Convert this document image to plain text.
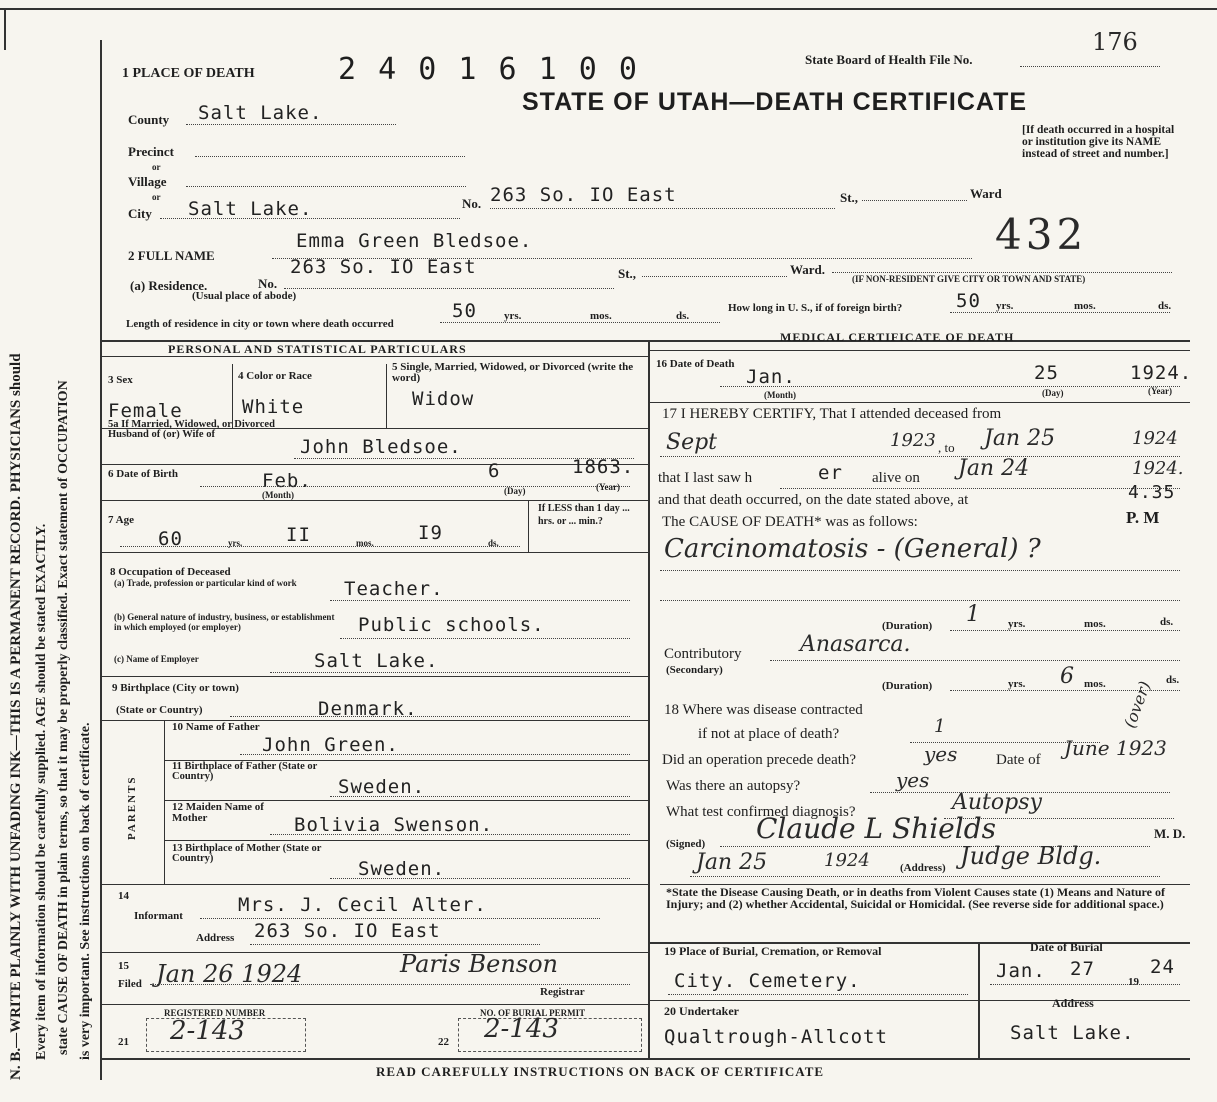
N. B.—WRITE PLAINLY WITH UNFADING INK—THIS IS A PERMANENT RECORD. PHYSICIANS should Every item of information should be carefully supplied. AGE should be stated EXACTLY. state CAUSE OF DEATH in plain terms, so that it may be properly classified. Exact statement of OCCUPATION is very important. See instructions on back of certificate.
1 PLACE OF DEATH	2 4 0 1 6 1 0 0	State Board of Health File No.
176
STATE OF UTAH—DEATH CERTIFICATE
[If death occurred in a hospital or institution give its NAME instead of street and number.]
432
County Salt Lake.
Precinct
or
Village
or
City Salt Lake.	No. 263 So. IO East	St.,	Ward
2 FULL NAME
Emma Green Bledsoe.
(a) Residence.	No.
263 So. IO East	St.,	Ward.
(Usual place of abode)
(IF NON-RESIDENT GIVE CITY OR TOWN AND STATE)
Length of residence in city or town where death occurred
50 yrs.	mos.	ds.
How long in U. S., if of foreign birth?	50 yrs.	mos.	ds.
PERSONAL AND STATISTICAL PARTICULARS
3 Sex
Female
4 Color or Race
White
5 Single, Married, Widowed, or Divorced (write the word)
Widow
5a If Married, Widowed, or Divorced Husband of (or) Wife of
John Bledsoe.
6 Date of Birth	Feb.	6	1863.
(Month)	(Day)	(Year)
7 Age
60	yrs. II	mos. I9	ds.
If LESS than 1 day ... hrs. or ... min.?
8 Occupation of Deceased
(a) Trade, profession or particular kind of work	Teacher.
(b) General nature of industry, business, or establishment in which employed (or employer)	Public schools.
(c) Name of Employer	Salt Lake.
9 Birthplace (City or town)
(State or Country)	Denmark.
PARENTS
10 Name of Father
John Green.
11 Birthplace of Father (State or Country)	Sweden.
12 Maiden Name of Mother	Bolivia Swenson.
13 Birthplace of Mother (State or Country)	Sweden.
14
Informant	Mrs. J. Cecil Alter.
Address 263 So. IO East
15
Filed Jan 26 1924	Paris Benson
Registrar
REGISTERED NUMBER
21 2-143
NO. OF BURIAL PERMIT
22 2-143
MEDICAL CERTIFICATE OF DEATH
16 Date of Death
Jan.	25	1924.
(Month)	(Day)	(Year)
17 I HEREBY CERTIFY, That I attended deceased from
Sept	1923 , to Jan 25	1924
that I last saw h	er alive on Jan 24	1924.
and that death occurred, on the date stated above, at	4.35
The CAUSE OF DEATH* was as follows:	P. M
Carcinomatosis - (General) ?
(Duration) 1	yrs.	mos.	ds.
Contributory
(Secondary)
Anasarca.
(Duration)	yrs. 6 mos.	ds.
(over)
18 Where was disease contracted
if not at place of death?	1
Did an operation precede death?	yes	Date of June 1923
Was there an autopsy?	yes
What test confirmed diagnosis?	Autopsy
(Signed) Claude L Shields	M. D.
Jan 25	1924	(Address) Judge Bldg.
*State the Disease Causing Death, or in deaths from Violent Causes state (1) Means and Nature of Injury; and (2) whether Accidental, Suicidal or Homicidal. (See reverse side for additional space.)
19 Place of Burial, Cremation, or Removal
City. Cemetery.
Date of Burial
Jan. 27
19
24
20 Undertaker
Qualtrough-Allcott
Address
Salt Lake.
READ CAREFULLY INSTRUCTIONS ON BACK OF CERTIFICATE
